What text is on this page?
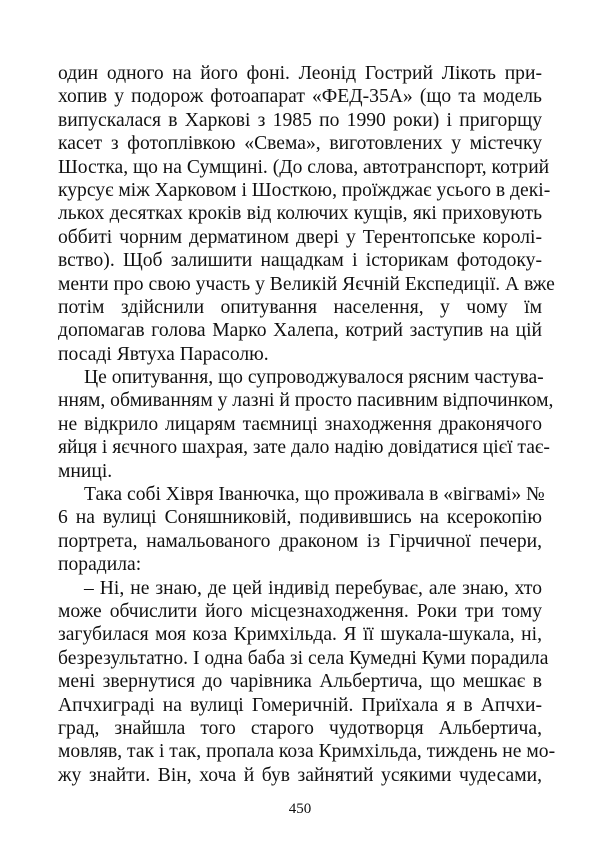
один одного на його фоні. Леонід Гострий Лікоть при-
хопив у подорож фотоапарат «ФЕД-35А» (що та модель
випускалася в Харкові з 1985 по 1990 роки) і пригорщу
касет з фотоплівкою «Свема», виготовлених у містечку
Шостка, що на Сумщині. (До слова, автотранспорт, котрий
курсує між Харковом і Шосткою, проїжджає усього в декі-
лькох десятках кроків від колючих кущів, які приховують
оббиті чорним дерматином двері у Терентопське королі-
вство). Щоб залишити нащадкам і історикам фотодоку-
менти про свою участь у Великій Яєчній Експедиції. А вже
потім здійснили опитування населення, у чому їм
допомагав голова Марко Халепа, котрий заступив на цій
посаді Явтуха Парасолю.
Це опитування, що супроводжувалося рясним частува-
нням, обмиванням у лазні й просто пасивним відпочинком,
не відкрило лицарям таємниці знаходження драконячого
яйця і яєчного шахрая, зате дало надію довідатися цієї тає-
мниці.
Така собі Хівря Іванючка, що проживала в «вігвамі» №
6 на вулиці Соняшниковій, подивившись на ксерокопію
портрета, намальованого драконом із Гірчичної печери,
порадила:
– Ні, не знаю, де цей індивід перебуває, але знаю, хто
може обчислити його місцезнаходження. Роки три тому
загубилася моя коза Кримхільда. Я її шукала-шукала, ні,
безрезультатно. І одна баба зі села Кумедні Куми порадила
мені звернутися до чарівника Альбертича, що мешкає в
Апчхиграді на вулиці Гомеричній. Приїхала я в Апчхи-
град, знайшла того старого чудотворця Альбертича,
мовляв, так і так, пропала коза Кримхільда, тиждень не мо-
жу знайти. Він, хоча й був зайнятий усякими чудесами,
450
